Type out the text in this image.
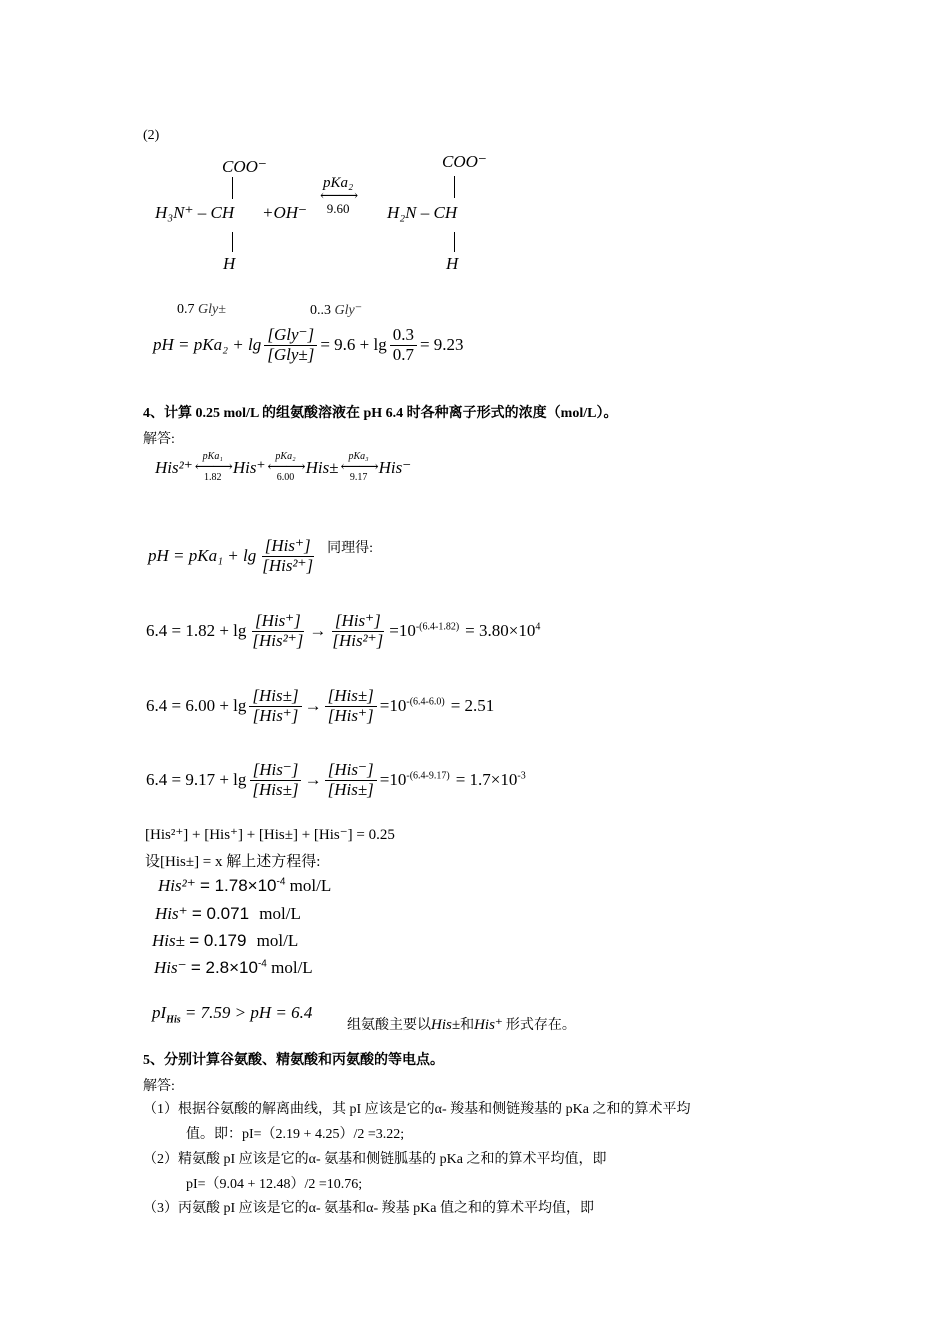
(2)
COO⁻
H₃N⁺ – CH +OH⁻
pKa₂
⟵⟶
9.60
COO⁻
H₂N – CH
H	H
0.7 Gly±	0..3 Gly⁻
pH = $pKa_2 + \lg \frac{\text{[Gly⁻]}}{\text{[Gly±]}} = 9.6 + \lg \frac{0.3}{0.7} = 9.23$
4、计算 0.25 mol/L 的组氨酸溶液在 pH 6.4 时各种离子形式的浓度（mol/L）。
解答:
His²⁺
pKa₁
⟵⟶
1.82
His⁺
pKa₂
⟵⟶
6.00
His±
pKa₃
⟵⟶
9.17
His⁻
pH = $pKa_1 + \lg \frac{\text{[His⁺]}}{\text{[His²⁺]}}$ 同理得:
$6.4 = 1.82 + \lg \frac{\text{[His⁺]}}{\text{[His²⁺]}} \to \frac{\text{[His⁺]}}{\text{[His²⁺]}} =10^{-(6.4-1.82)} = 3.80\times 10^4$
$6.4 = 6.00 + \lg \frac{\text{[His±]}}{\text{[His⁺]}} \to \frac{\text{[His±]}}{\text{[His⁺]}} =10^{-(6.4-6.0)} = 2.51$
$6.4 = 9.17 + \lg \frac{\text{[His⁻]}}{\text{[His±]}} \to \frac{\text{[His⁻]}}{\text{[His±]}} =10^{-(6.4-9.17)} = 1.7\times 10^{-3}$
[His²⁺] + [His⁺] + [His±] + [His⁻] = 0.25
设[His±] = x 解上述方程得:
$His^{2+} = 1.78\times 10^{-4}$ mol/L
His⁺ = 0.071 mol/L
His± = 0.179 mol/L
$His^- = 2.8\times 10^{-4}$ mol/L
$pI_{His} = 7.59$ > pH = 6.4
组氨酸主要以His±和His⁺ 形式存在。
5、分别计算谷氨酸、精氨酸和丙氨酸的等电点。
解答:
（1）根据谷氨酸的解离曲线，其 pI 应该是它的α- 羧基和侧链羧基的 pKa 之和的算术平均
值。即：pI=（2.19 + 4.25）/2 =3.22;
（2）精氨酸 pI 应该是它的α- 氨基和侧链胍基的 pKa 之和的算术平均值，即
pI=（9.04 + 12.48）/2 =10.76;
（3）丙氨酸 pI 应该是它的α- 氨基和α- 羧基 pKa 值之和的算术平均值，即
